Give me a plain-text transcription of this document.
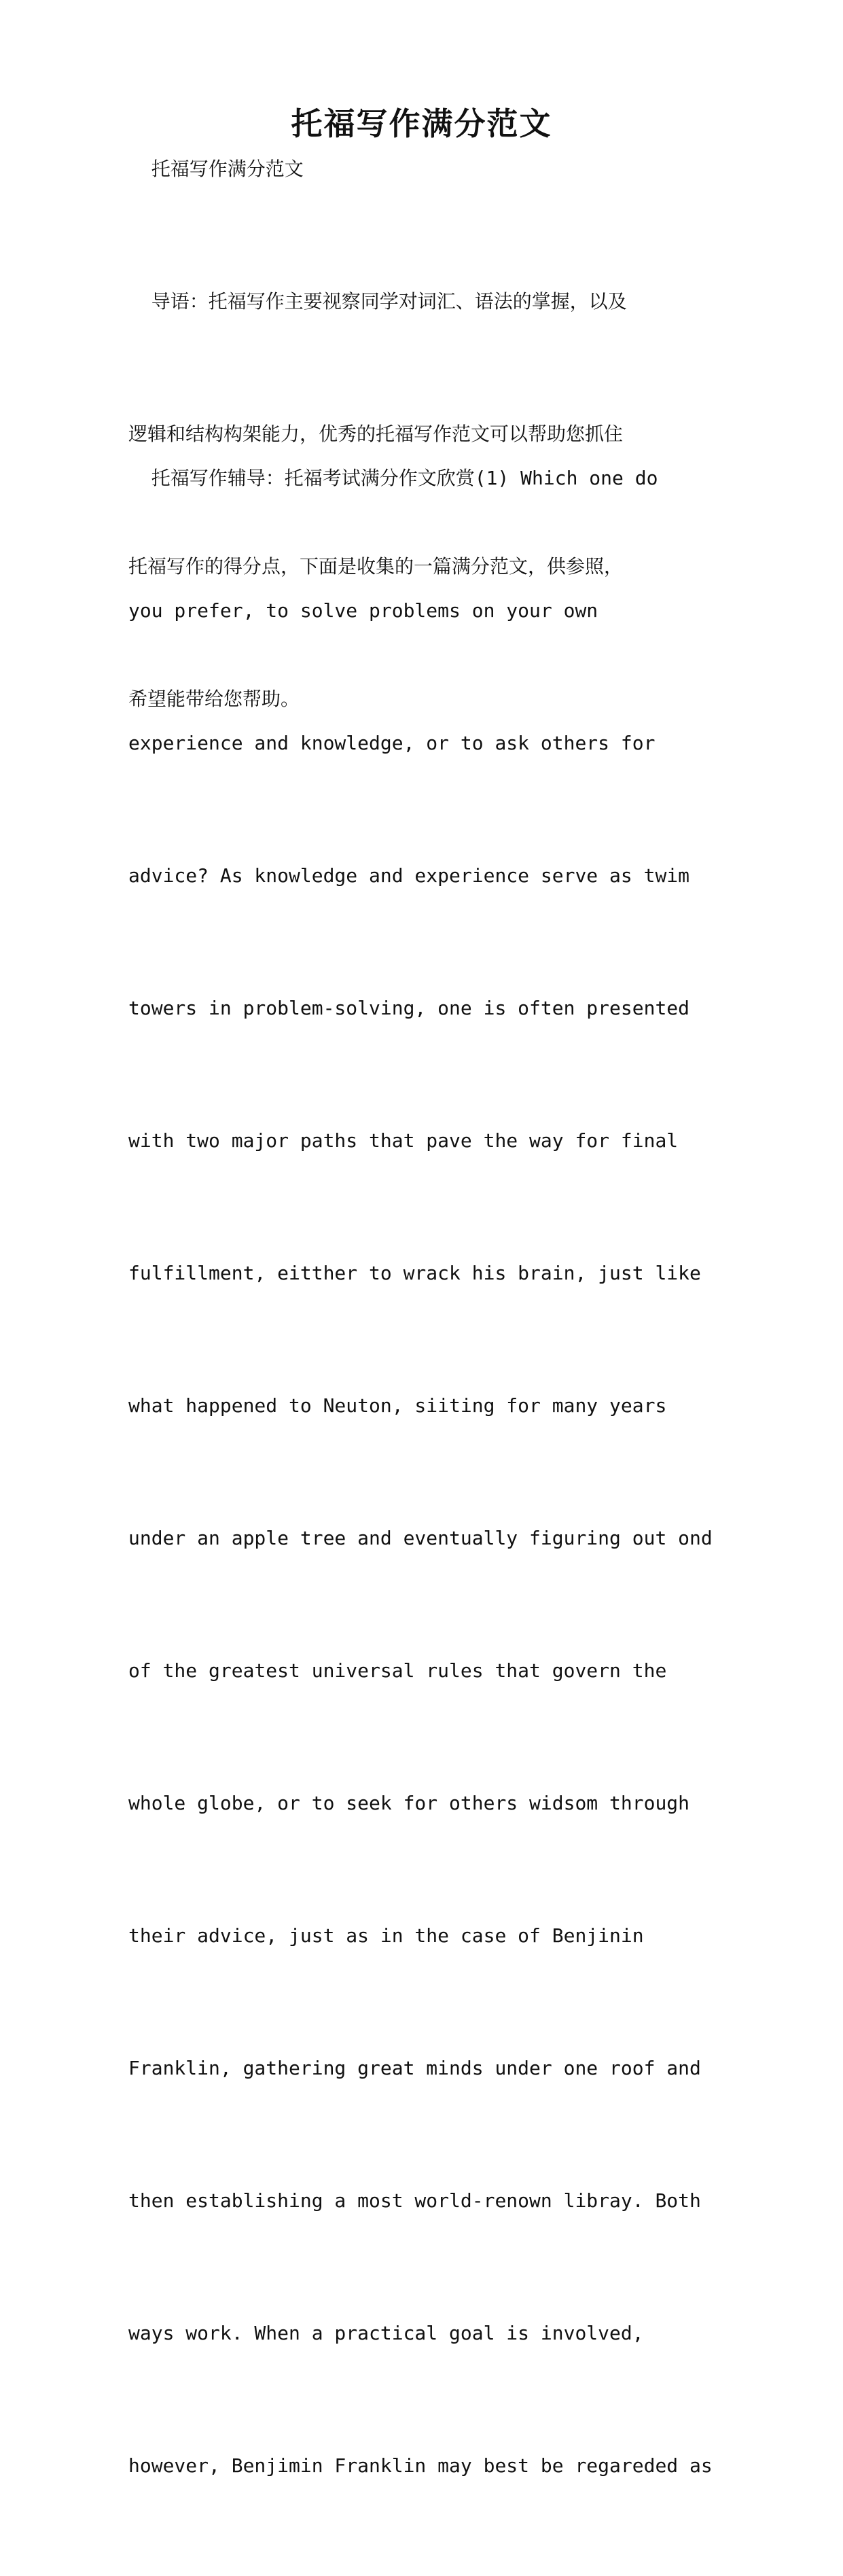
托福写作满分范文

托福写作满分范文

导语：托福写作主要视察同学对词汇、语法的掌握，以及

逻辑和结构构架能力，优秀的托福写作范文可以帮助您抓住

托福写作的得分点，下面是收集的一篇满分范文，供参照，

希望能带给您帮助。

托福写作辅导：托福考试满分作文欣赏(1) Which one do

you prefer, to solve problems on your own

experience and knowledge, or to ask others for

advice? As knowledge and experience serve as twim

towers in problem-solving, one is often presented

with two major paths that pave the way for final

fulfillment, eitther to wrack his brain, just like

what happened to Neuton, siiting for many years

under an apple tree and eventually figuring out ond

of the greatest universal rules that govern the

whole globe, or to seek for others widsom through

their advice, just as in the case of Benjinin

Franklin, gathering great minds under one roof and

then establishing a most world-renown libray. Both

ways work. When a practical goal is involved,

however, Benjimin Franklin may best be regareded as
